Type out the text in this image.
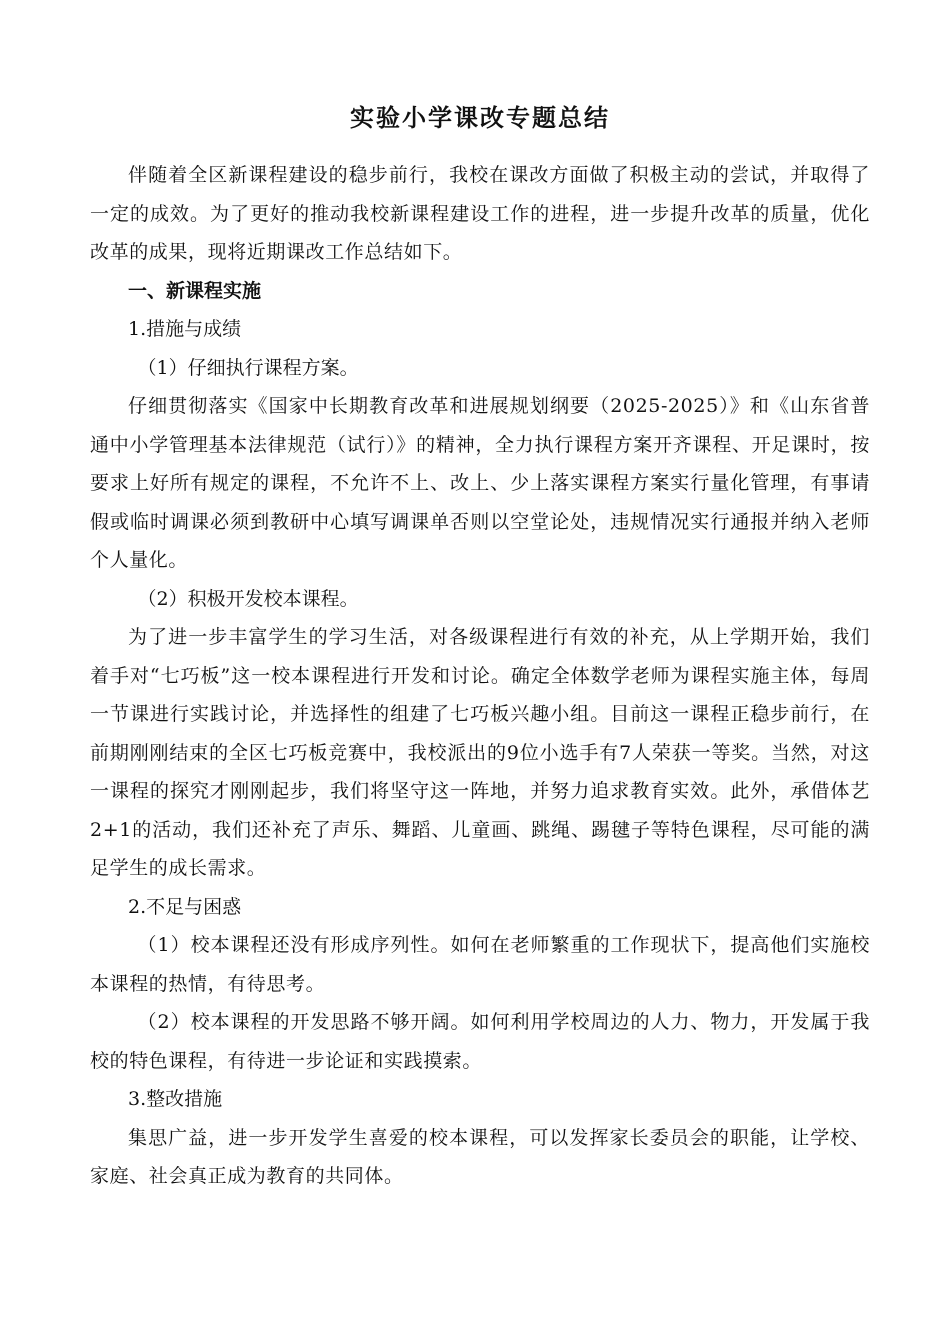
实验小学课改专题总结

伴随着全区新课程建设的稳步前行，我校在课改方面做了积极主动的尝试，并取得了一定的成效。为了更好的推动我校新课程建设工作的进程，进一步提升改革的质量，优化改革的成果，现将近期课改工作总结如下。

一、新课程实施

1.措施与成绩

（1）仔细执行课程方案。

仔细贯彻落实《国家中长期教育改革和进展规划纲要（2025-2025）》和《山东省普通中小学管理基本法律规范（试行）》的精神，全力执行课程方案开齐课程、开足课时，按要求上好所有规定的课程，不允许不上、改上、少上落实课程方案实行量化管理，有事请假或临时调课必须到教研中心填写调课单否则以空堂论处，违规情况实行通报并纳入老师个人量化。

（2）积极开发校本课程。

为了进一步丰富学生的学习生活，对各级课程进行有效的补充，从上学期开始，我们着手对“七巧板”这一校本课程进行开发和讨论。确定全体数学老师为课程实施主体，每周一节课进行实践讨论，并选择性的组建了七巧板兴趣小组。目前这一课程正稳步前行，在前期刚刚结束的全区七巧板竞赛中，我校派出的9位小选手有7人荣获一等奖。当然，对这一课程的探究才刚刚起步，我们将坚守这一阵地，并努力追求教育实效。此外，承借体艺2+1的活动，我们还补充了声乐、舞蹈、儿童画、跳绳、踢毽子等特色课程，尽可能的满足学生的成长需求。

2.不足与困惑

（1）校本课程还没有形成序列性。如何在老师繁重的工作现状下，提高他们实施校本课程的热情，有待思考。

（2）校本课程的开发思路不够开阔。如何利用学校周边的人力、物力，开发属于我校的特色课程，有待进一步论证和实践摸索。

3.整改措施

集思广益，进一步开发学生喜爱的校本课程，可以发挥家长委员会的职能，让学校、家庭、社会真正成为教育的共同体。
